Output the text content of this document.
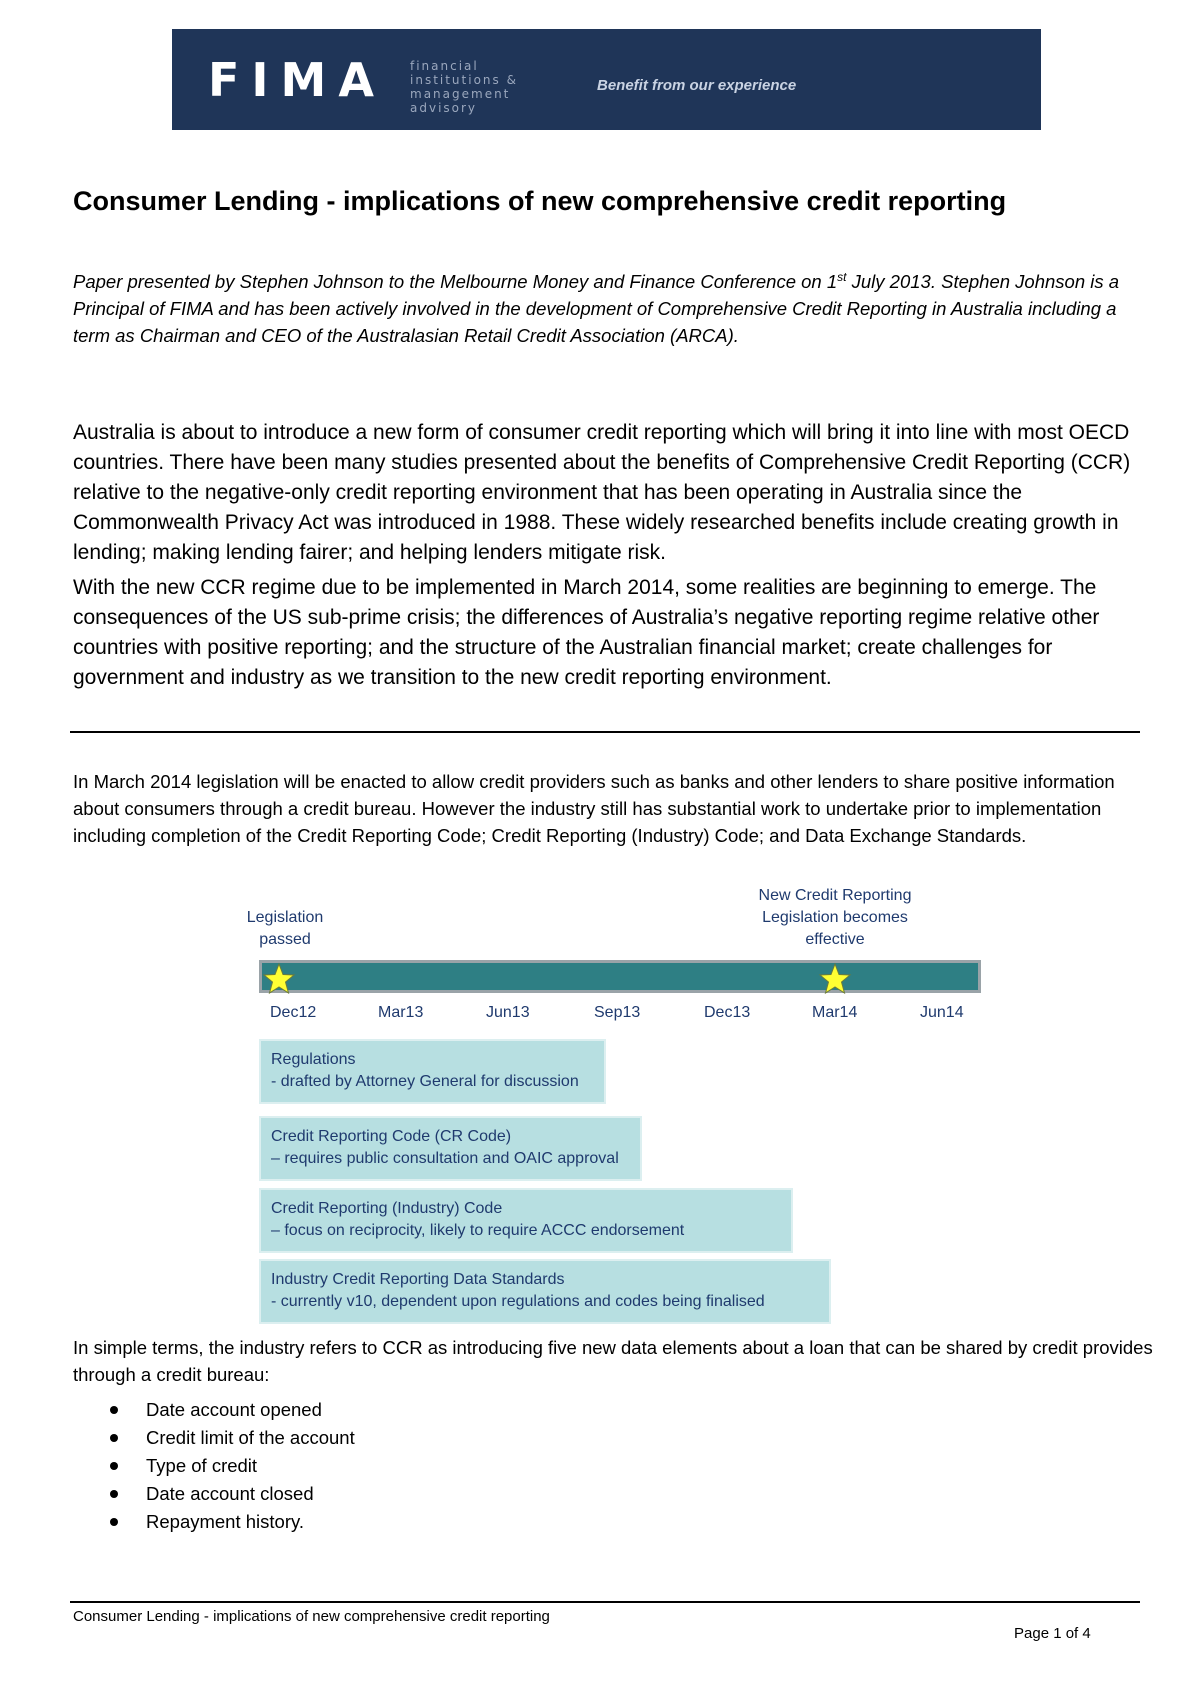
FIMA financial
institutions &
management
advisory
Benefit from our experience
Consumer Lending - implications of new comprehensive credit reporting

Paper presented by Stephen Johnson to the Melbourne Money and Finance Conference on 1st July 2013. Stephen Johnson is a Principal of FIMA and has been actively involved in the development of Comprehensive Credit Reporting in Australia including a term as Chairman and CEO of the Australasian Retail Credit Association (ARCA).

Australia is about to introduce a new form of consumer credit reporting which will bring it into line with most OECD countries. There have been many studies presented about the benefits of Comprehensive Credit Reporting (CCR) relative to the negative-only credit reporting environment that has been operating in Australia since the Commonwealth Privacy Act was introduced in 1988. These widely researched benefits include creating growth in lending; making lending fairer; and helping lenders mitigate risk.

With the new CCR regime due to be implemented in March 2014, some realities are beginning to emerge. The consequences of the US sub-prime crisis; the differences of Australia’s negative reporting regime relative other countries with positive reporting; and the structure of the Australian financial market; create challenges for government and industry as we transition to the new credit reporting environment.

In March 2014 legislation will be enacted to allow credit providers such as banks and other lenders to share positive information about consumers through a credit bureau. However the industry still has substantial work to undertake prior to implementation including completion of the Credit Reporting Code; Credit Reporting (Industry) Code; and Data Exchange Standards.

Legislation
passed
New Credit Reporting
Legislation becomes
effective
Dec12	Mar13	Jun13	Sep13	Dec13	Mar14	Jun14
Regulations
- drafted by Attorney General for discussion
Credit Reporting Code (CR Code)
– requires public consultation and OAIC approval
Credit Reporting (Industry) Code
– focus on reciprocity, likely to require ACCC endorsement
Industry Credit Reporting Data Standards
- currently v10, dependent upon regulations and codes being finalised

In simple terms, the industry refers to CCR as introducing five new data elements about a loan that can be shared by credit provides through a credit bureau:

Date account opened
Credit limit of the account
Type of credit
Date account closed
Repayment history.

Consumer Lending - implications of new comprehensive credit reporting

Page 1 of 4
